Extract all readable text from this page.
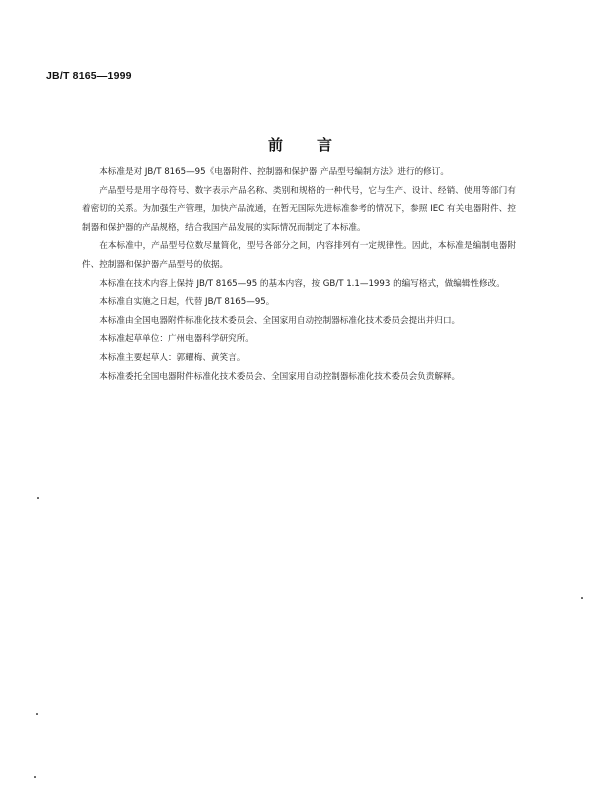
JB/T 8165—1999
前言

本标准是对 JB/T 8165—95《电器附件、控制器和保护器 产品型号编制方法》进行的修订。

产品型号是用字母符号、数字表示产品名称、类别和规格的一种代号，它与生产、设计、经销、使用等部门有着密切的关系。为加强生产管理，加快产品流通，在暂无国际先进标准参考的情况下，参照 IEC 有关电器附件、控制器和保护器的产品规格，结合我国产品发展的实际情况而制定了本标准。

在本标准中，产品型号位数尽量简化，型号各部分之间，内容排列有一定规律性。因此，本标准是编制电器附件、控制器和保护器产品型号的依据。

本标准在技术内容上保持 JB/T 8165—95 的基本内容，按 GB/T 1.1—1993 的编写格式，做编辑性修改。

本标准自实施之日起，代替 JB/T 8165—95。

本标准由全国电器附件标准化技术委员会、全国家用自动控制器标准化技术委员会提出并归口。

本标准起草单位：广州电器科学研究所。

本标准主要起草人：郭耀梅、黄笑言。

本标准委托全国电器附件标准化技术委员会、全国家用自动控制器标准化技术委员会负责解释。
